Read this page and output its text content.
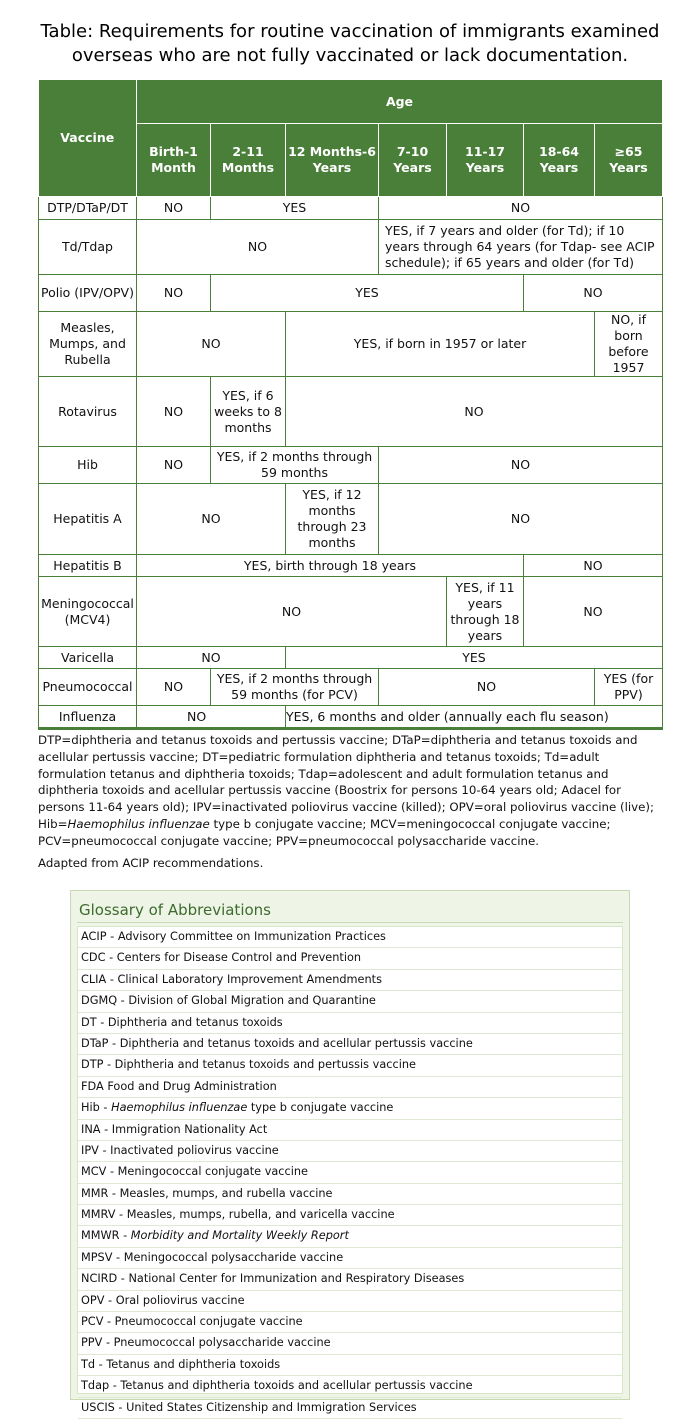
Table: Requirements for routine vaccination of immigrants examined
overseas who are not fully vaccinated or lack documentation.
Vaccine	Age						
	Birth-1 Month	2-11 Months	12 Months-6 Years	7-10 Years	11-17 Years	18-64 Years	≥65 Years
DTP/DTaP/DT	NO	YES		NO			
Td/Tdap	NO			YES, if 7 years and older (for Td); if 10 years through 64 years (for Tdap- see ACIP schedule); if 65 years and older (for Td)			
Polio (IPV/OPV)	NO	YES				NO	
Measles, Mumps, and Rubella	NO		YES, if born in 1957 or later				NO, if born before 1957
Rotavirus	NO	YES, if 6 weeks to 8 months	NO				
Hib	NO	YES, if 2 months through 59 months		NO			
Hepatitis A	NO		YES, if 12 months through 23 months	NO			
Hepatitis B	YES, birth through 18 years					NO	
Meningococcal (MCV4)	NO				YES, if 11 years through 18 years	NO	
Varicella	NO		YES				
Pneumococcal	NO	YES, if 2 months through 59 months (for PCV)		NO			YES (for PPV)
Influenza	NO		YES, 6 months and older (annually each flu season)				
DTP=diphtheria and tetanus toxoids and pertussis vaccine; DTaP=diphtheria and tetanus toxoids and acellular pertussis vaccine; DT=pediatric formulation diphtheria and tetanus toxoids; Td=adult formulation tetanus and diphtheria toxoids; Tdap=adolescent and adult formulation tetanus and diphtheria toxoids and acellular pertussis vaccine (Boostrix for persons 10-64 years old; Adacel for persons 11-64 years old); IPV=inactivated poliovirus vaccine (killed); OPV=oral poliovirus vaccine (live); Hib=Haemophilus influenzae type b conjugate vaccine; MCV=meningococcal conjugate vaccine; PCV=pneumococcal conjugate vaccine; PPV=pneumococcal polysaccharide vaccine.
Adapted from ACIP recommendations.
Glossary of Abbreviations
ACIP - Advisory Committee on Immunization Practices
CDC - Centers for Disease Control and Prevention
CLIA - Clinical Laboratory Improvement Amendments
DGMQ - Division of Global Migration and Quarantine
DT - Diphtheria and tetanus toxoids
DTaP - Diphtheria and tetanus toxoids and acellular pertussis vaccine
DTP - Diphtheria and tetanus toxoids and pertussis vaccine
FDA Food and Drug Administration
Hib - Haemophilus influenzae type b conjugate vaccine
INA - Immigration Nationality Act
IPV - Inactivated poliovirus vaccine
MCV - Meningococcal conjugate vaccine
MMR - Measles, mumps, and rubella vaccine
MMRV - Measles, mumps, rubella, and varicella vaccine
MMWR - Morbidity and Mortality Weekly Report
MPSV - Meningococcal polysaccharide vaccine
NCIRD - National Center for Immunization and Respiratory Diseases
OPV - Oral poliovirus vaccine
PCV - Pneumococcal conjugate vaccine
PPV - Pneumococcal polysaccharide vaccine
Td - Tetanus and diphtheria toxoids
Tdap - Tetanus and diphtheria toxoids and acellular pertussis vaccine
USCIS - United States Citizenship and Immigration Services
